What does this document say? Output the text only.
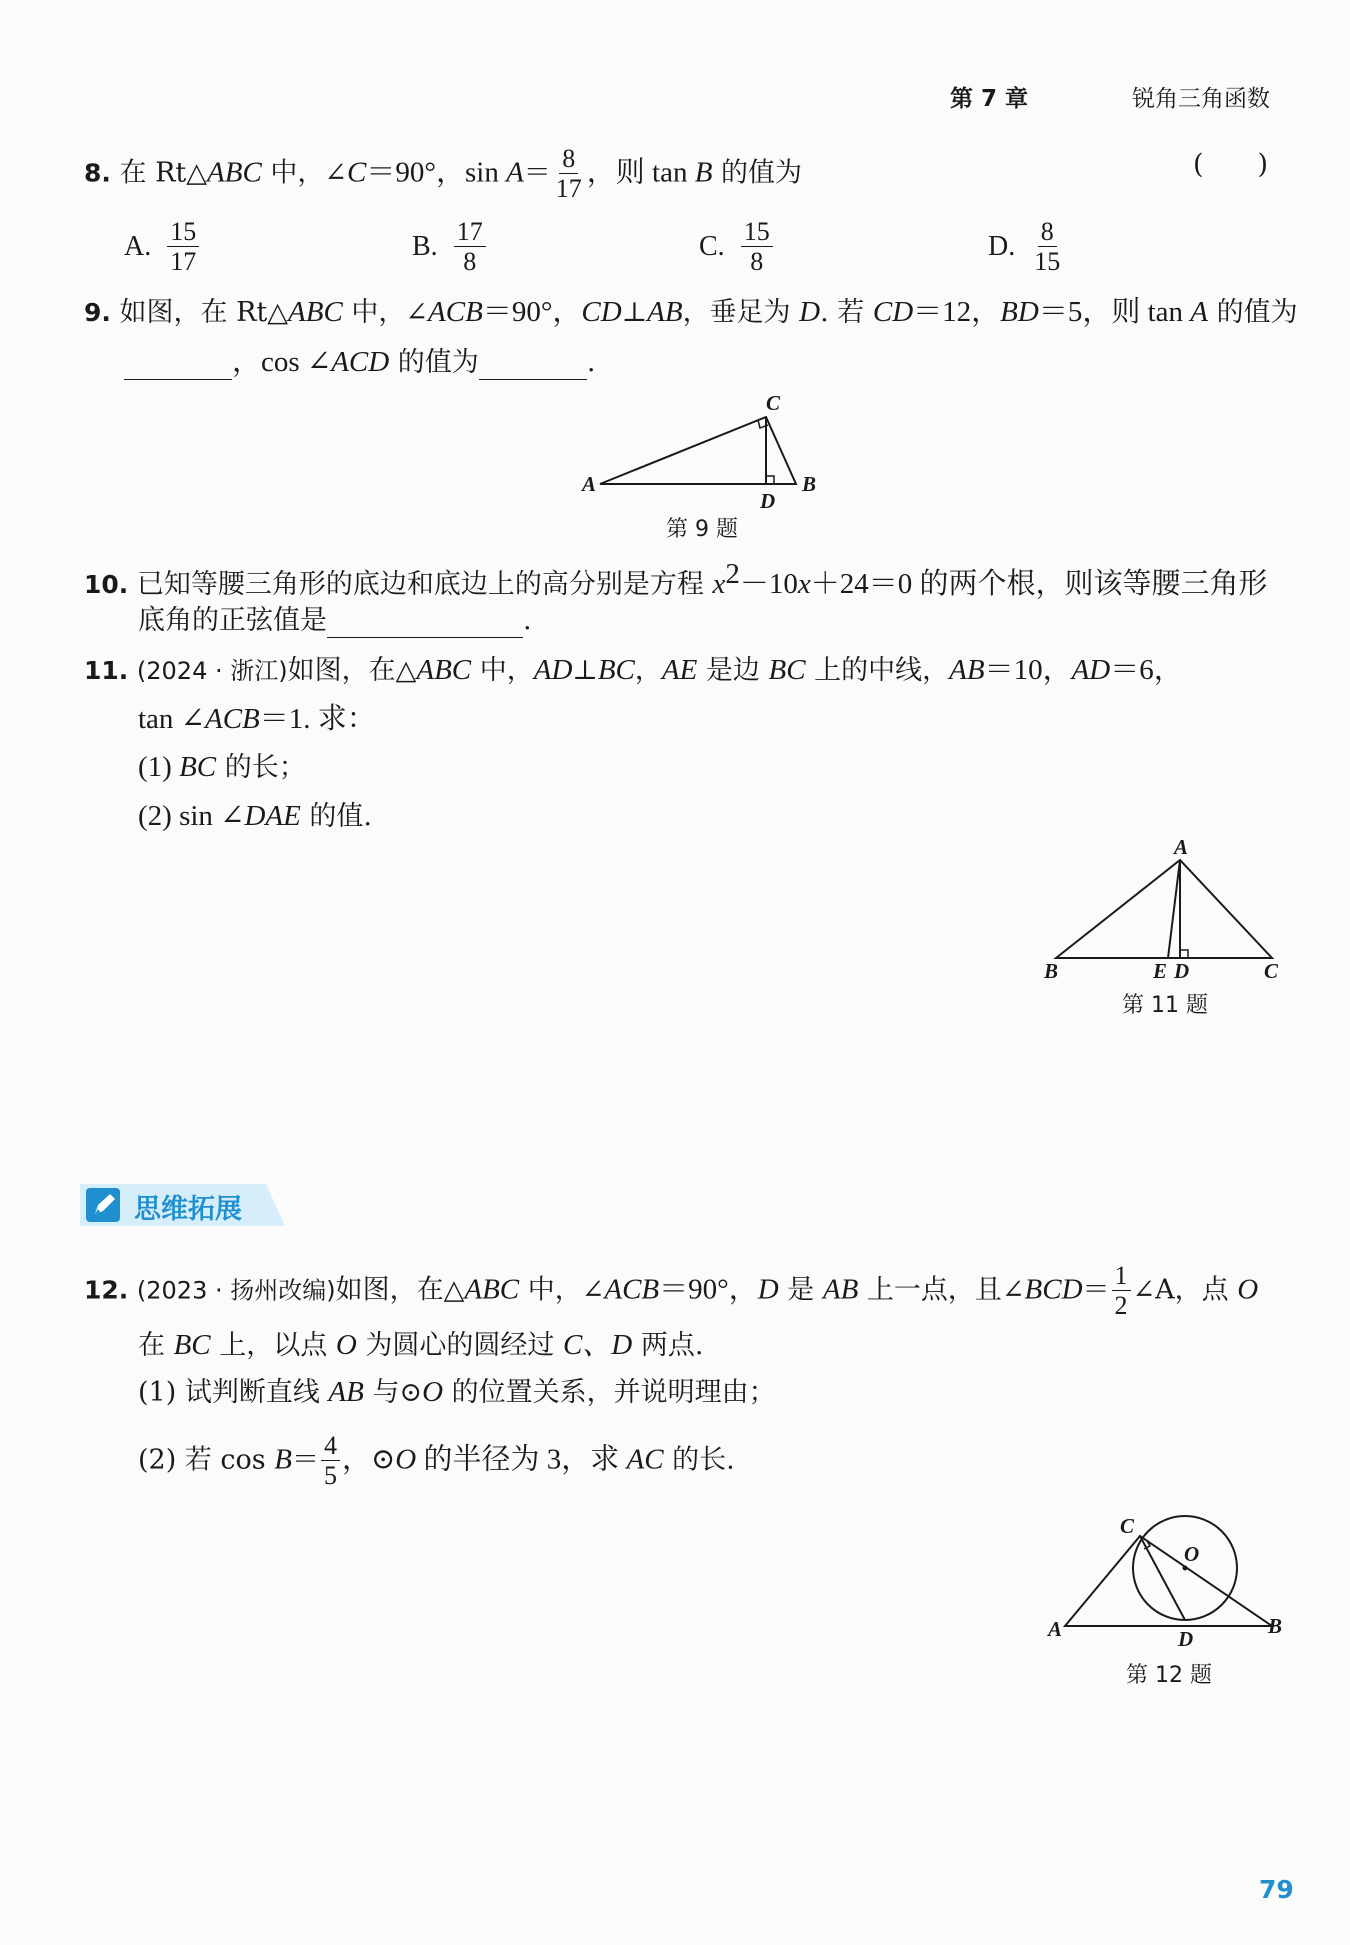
第 7 章	锐角三角函数
8. 在 Rt△ABC 中，∠C＝90°，$\sin A= \frac{8}{17}$ ，则 tan B 的值为	(　　)
A. $\frac{15}{17}$	B. $\frac{17}{8}$	C. $\frac{15}{8}$	D. $\frac{8}{15}$
9. 如图，在 Rt△ABC 中，∠ACB＝90°，CD⊥AB，垂足为 D. 若 CD＝12，BD＝5，则 tan A 的值为
，cos ∠ACD 的值为	.
A
C
B
D
第 9 题
10. 已知等腰三角形的底边和底边上的高分别是方程 $x^2-10x+24=0$ 的两个根，则该等腰三角形
底角的正弦值是	.
11. (2024 · 浙江)如图，在△ABC 中，AD⊥BC，AE 是边 BC 上的中线，AB＝10，AD＝6，
tan ∠ACB＝1. 求：
(1) BC 的长；
(2) sin ∠DAE 的值.
A
B	E D	C
第 11 题
思维拓展
12. (2023 · 扬州改编)如图，在△ABC 中，∠ACB＝90°，D 是 AB 上一点，且∠BCD＝ $\frac{1}{2}$ ∠A，点 O
在 BC 上，以点 O 为圆心的圆经过 C、D 两点.
(1) 试判断直线 AB 与⊙O 的位置关系，并说明理由；
(2) 若 $\cos B= \frac{4}{5}$ ，⊙O 的半径为 3，求 AC 的长.
C
O
A	D
B
第 12 题
79
